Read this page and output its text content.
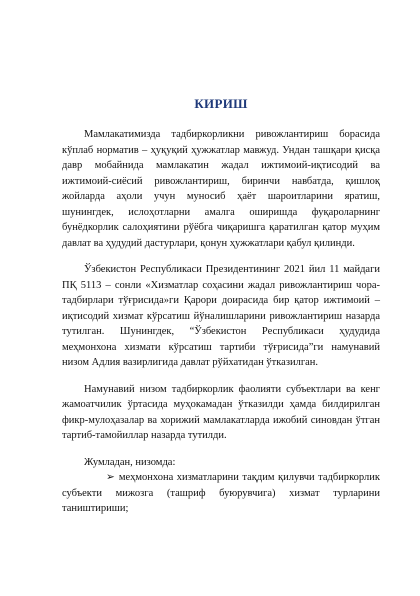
КИРИШ

Мамлакатимизда тадбиркорликни ривожлантириш борасида кўплаб норматив – ҳуқуқий ҳужжатлар мавжуд. Ундан ташқари қисқа давр мобайнида мамлакатин жадал ижтимоий-иқтисодий ва ижтимоий-сиёсий ривожлантириш, биринчи навбатда, қишлоқ жойларда аҳоли учун муносиб ҳаёт шароитларини яратиш, шунингдек, ислоҳотларни амалга оширишда фуқароларнинг бунёдкорлик салоҳиятини рўёбга чиқаришга қаратилган қатор муҳим давлат ва ҳудудий дастурлари, қонун ҳужжатлари қабул қилинди.

Ўзбекистон Республикаси Президентининг 2021 йил 11 майдаги ПҚ 5113 – сонли «Хизматлар соҳасини жадал ривожлантириш чора-тадбирлари тўғрисида»ги Қарори доирасида бир қатор ижтимоий – иқтисодий хизмат кўрсатиш йўналишларини ривожлантириш назарда тутилган. Шунингдек, “Ўзбекистон Республикаси ҳудудида меҳмонхона хизмати кўрсатиш тартиби тўғрисида”ги намунавий низом Адлия вазирлигида давлат рўйхатидан ўтказилган.

Намунавий низом тадбиркорлик фаолияти субъектлари ва кенг жамоатчилик ўртасида муҳокамадан ўтказилди ҳамда билдирилган фикр-мулоҳазалар ва хорижий мамлакатларда ижобий синовдан ўтган тартиб-тамойиллар назарда тутилди.

Жумладан, низомда:

➢ меҳмонхона хизматларини тақдим қилувчи тадбиркорлик субъекти мижозга (ташриф буюрувчига) хизмат турларини таништириши;
